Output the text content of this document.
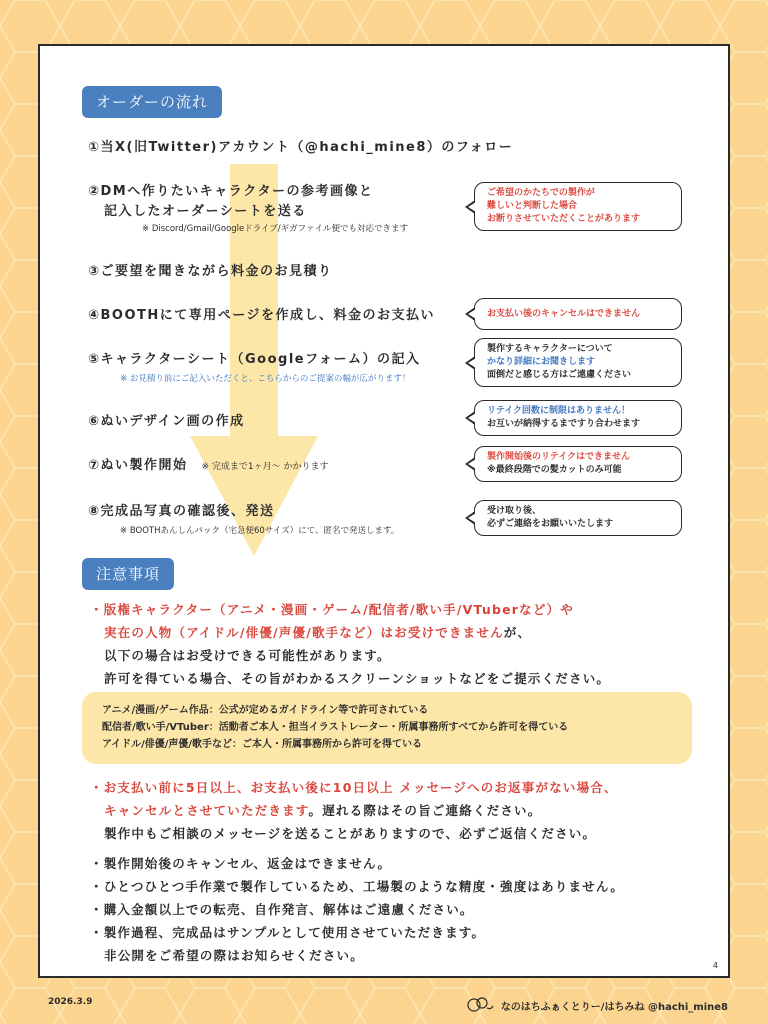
オーダーの流れ
①当X(旧Twitter)アカウント（@hachi_mine8）のフォロー
②DMへ作りたいキャラクターの参考画像と
記入したオーダーシートを送る
※ Discord/Gmail/Googleドライブ/ギガファイル便でも対応できます
③ご要望を聞きながら料金のお見積り
④BOOTHにて専用ページを作成し、料金のお支払い
⑤キャラクターシート（Googleフォーム）の記入
※ お見積り前にご記入いただくと、こちらからのご提案の幅が広がります！
⑥ぬいデザイン画の作成
⑦ぬい製作開始 ※ 完成まで1ヶ月～ かかります
⑧完成品写真の確認後、発送
※ BOOTHあんしんパック（宅急便60サイズ）にて、匿名で発送します。
ご希望のかたちでの製作が
難しいと判断した場合
お断りさせていただくことがあります
お支払い後のキャンセルはできません
製作するキャラクターについて
かなり詳細にお聞きします
面倒だと感じる方はご遠慮ください
リテイク回数に制限はありません！
お互いが納得するまですり合わせます
製作開始後のリテイクはできません
※最終段階での髪カットのみ可能
受け取り後、
必ずご連絡をお願いいたします
注意事項
・版権キャラクター（アニメ・漫画・ゲーム/配信者/歌い手/VTuberなど）や
実在の人物（アイドル/俳優/声優/歌手など）はお受けできませんが、
以下の場合はお受けできる可能性があります。
許可を得ている場合、その旨がわかるスクリーンショットなどをご提示ください。
アニメ/漫画/ゲーム作品：公式が定めるガイドライン等で許可されている
配信者/歌い手/VTuber：活動者ご本人・担当イラストレーター・所属事務所すべてから許可を得ている
アイドル/俳優/声優/歌手など：ご本人・所属事務所から許可を得ている
・お支払い前に5日以上、お支払い後に10日以上 メッセージへのお返事がない場合、
キャンセルとさせていただきます。遅れる際はその旨ご連絡ください。
製作中もご相談のメッセージを送ることがありますので、必ずご返信ください。
・製作開始後のキャンセル、返金はできません。
・ひとつひとつ手作業で製作しているため、工場製のような精度・強度はありません。
・購入金額以上での転売、自作発言、解体はご遠慮ください。
・製作過程、完成品はサンプルとして使用させていただきます。
非公開をご希望の際はお知らせください。
4
2026.3.9	なのはちふぁくとりー/はちみね @hachi_mine8
